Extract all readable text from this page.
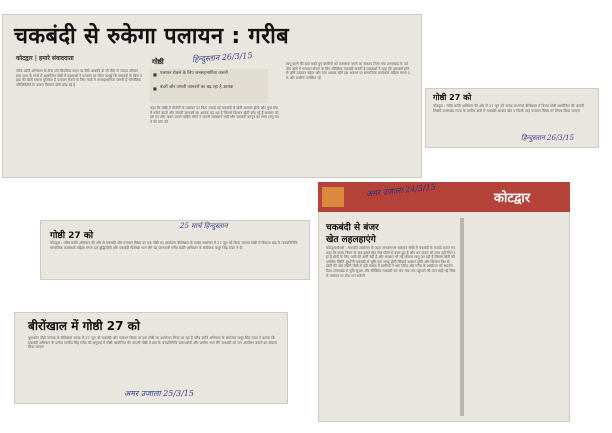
चकबंदी से रुकेगा पलायन : गरीब
कोटद्वार | हमारे संवाददाता	गोष्ठी	हिन्दुस्तान 26/3/15
गरीब क्रांति अभियान के बैनर तले क्रियोटेक सदन पर बैठी आबादि दो सौ बीस से ज्यादा परिवार ग्राम सभा के गांवों में आयोजित गोष्ठी में वक्ताओं ने पलायन पर चिंता जताई कि चकबंदी के बिना पहाड़ की खेती बचाना मुश्किल है पलायन रोकने के लिए गांवों में जनसहभागिता जरूरी है भौगोलिक परिस्थितियों के कारण किसान खेती छोड़ रहे हैं
■ पलायन रोकने के लिए जनसहभागिता जरूरी
■ बंदरों और जंगली जानवरों का बढ़ रहा है आतंक
कहा कि गोष्ठी में बीजेपी के पलायन पर चिंता जताई गई चकबंदी से खेती आसान होगी और युवा गांव में रुकेंगे बंदरों और जंगली जानवरों का आतंक बढ़ रहा है जिससे किसान खेती छोड़ रहे हैं सरकार को इस पर ठोस कदम उठाने चाहिए लोगों ने अपनी समस्याएं रखीं और चकबंदी कानून को जल्द लागू करने की मांग की
लागू करने की बात करते हुए ग्रामीणों को जागरूक करने का संकल्प लिया गया उत्तराखंड के पर्वतीय क्षेत्रों में पलायन रोकने के लिए स्वैच्छिक चकबंदी जरूरी है वक्ताओं ने कहा कि चकबंदी होने से कृषि उत्पादन बढ़ेगा और गांव आबाद रहेंगे इस अवसर पर सामाजिक कार्यकर्ता महिला मंगल दल और ग्रामीण उपस्थित रहे
गोष्ठी 27 को
कोटद्वार : गरीब क्रांति अभियान की ओर से 27 जून को ब्लाक सभागार बीरोंखाल में विचार गोष्ठी आयोजित की जाएगी जिसमें उत्तराखंड राज्य के ग्रामीण क्षेत्रों में चकबंदी आबाद खेत व किसी तरह पलायन विषय पर विचार किया जाएगा
हिन्दुस्तान 26/3/15
25 मार्च हिन्दुस्तान
गोष्ठी 27 को
कोटद्वार : गरीब क्रांति अभियान की ओर से चकबंदी और पलायन विषय पर एक गोष्ठी का आयोजन बीरोंखाल के ब्लॉक सभागार में 27 जून को किया जाएगा गोष्ठी में विकास खंड के जनप्रतिनिधि सामाजिक कार्यकर्ता महिला मंगल दल बुद्धिजीवी और चकबंदी विशेषज्ञ भाग लेंगे यह जानकारी गरीब क्रांति अभियान के संयोजक कपूर सिंह रावत ने दी
बीरोंखाल में गोष्ठी 27 को
धूमाकोट पौड़ी जनपद के बीरोंखाल ब्लाक में 27 जून को चकबंदी और पलायन विषय पर एक गोष्ठी का आयोजन किया जा रहा है गरीब क्रांति अभियान के संयोजक कपूर सिंह रावत ने बताया कि चकबंदी अभियान के प्रणेता स्वर्गीय सिंह गरीब की अगुवाई में गोष्ठी आयोजित की जाएगी गोष्ठी में क्षेत्र के जनप्रतिनिधि समाजसेवी और ग्रामीण भाग लेंगे चकबंदी को जन आंदोलन बनाने का संकल्प लिया जाएगा
अमर उजाला 25/3/15
कोटद्वार
अमर उजाला 24/3/15
चकबंदी से बंजर
खेत लहलहाएंगे
कोटद्वार/बैजरो : चकबंदी आंदोलन के तहत जनजागरण चलाकर गोष्ठी में चकबंदी के फायदे बताए गए कहा कि राज्य नियम के बाद हमारे खेत रोज पौधों से बंजर हुए हैं और धन पाकर भी लाभ नहीं मिल रहा है खेती के लिए पानी की कमी नहीं है और सरकार भी नई योजना लागू कर रही है जिससे खेती की आर्थिक स्थिति सुधरेगी चकबंदी से भूमि एक जगह होगी सिंचाई आसान होगी और किसान फिर से खेती की ओर लौटेंगे गोष्ठी में बड़ी संख्या में ग्रामीणों ने भाग लिया और गरीब के आंदोलन को समर्थन दिया उत्तराखंड में भूमि सुधार और स्वैच्छिक चकबंदी को गांव गांव तक पहुंचाने की बात कही गई जिससे पलायन पर रोक लग सकेगी
